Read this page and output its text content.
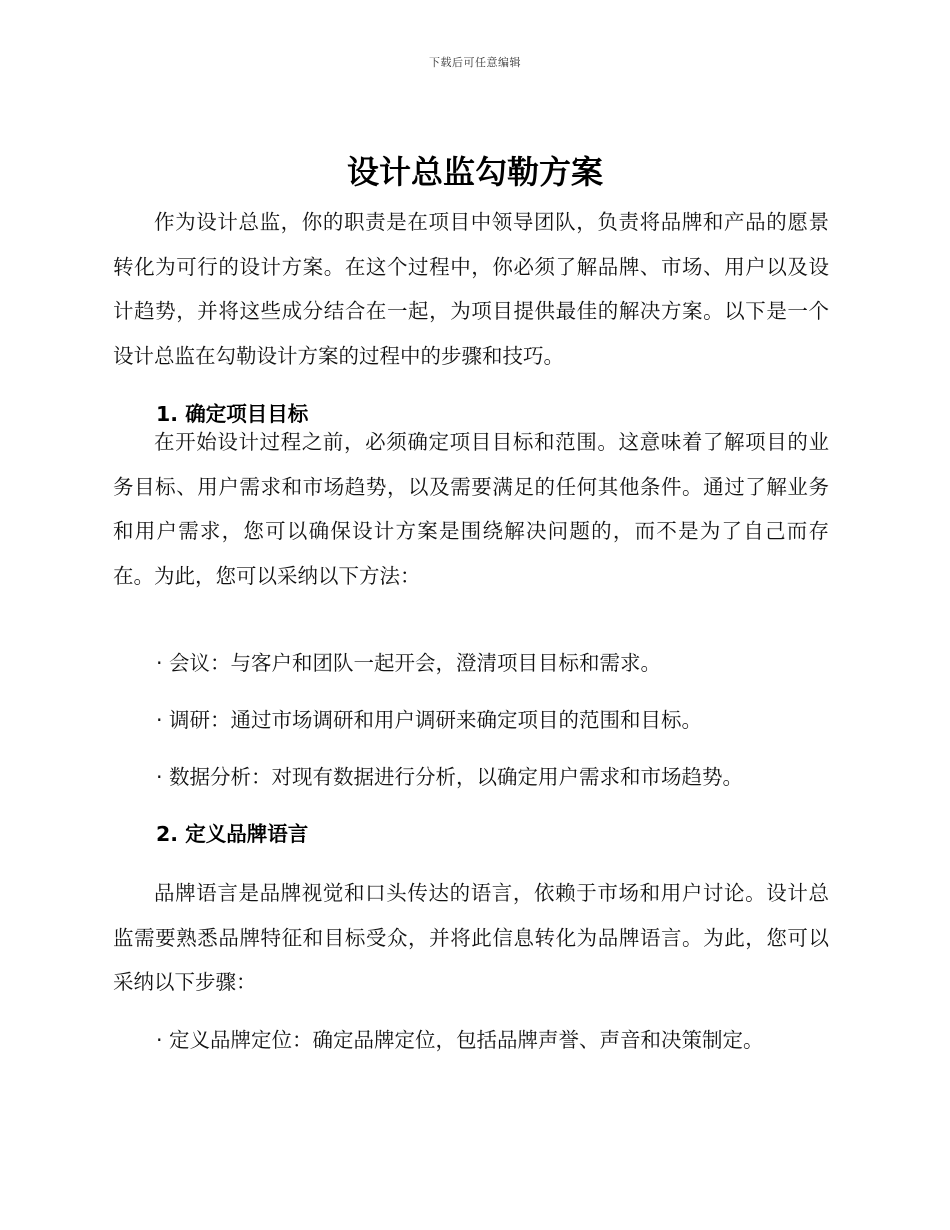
下载后可任意编辑
设计总监勾勒方案

作为设计总监，你的职责是在项目中领导团队，负责将品牌和产品的愿景转化为可行的设计方案。在这个过程中，你必须了解品牌、市场、用户以及设计趋势，并将这些成分结合在一起，为项目提供最佳的解决方案。以下是一个设计总监在勾勒设计方案的过程中的步骤和技巧。

1. 确定项目目标

在开始设计过程之前，必须确定项目目标和范围。这意味着了解项目的业务目标、用户需求和市场趋势，以及需要满足的任何其他条件。通过了解业务和用户需求，您可以确保设计方案是围绕解决问题的，而不是为了自己而存在。为此，您可以采纳以下方法：

· 会议：与客户和团队一起开会，澄清项目目标和需求。
· 调研：通过市场调研和用户调研来确定项目的范围和目标。
· 数据分析：对现有数据进行分析，以确定用户需求和市场趋势。
2. 定义品牌语言

品牌语言是品牌视觉和口头传达的语言，依赖于市场和用户讨论。设计总监需要熟悉品牌特征和目标受众，并将此信息转化为品牌语言。为此，您可以采纳以下步骤：

· 定义品牌定位：确定品牌定位，包括品牌声誉、声音和决策制定。
